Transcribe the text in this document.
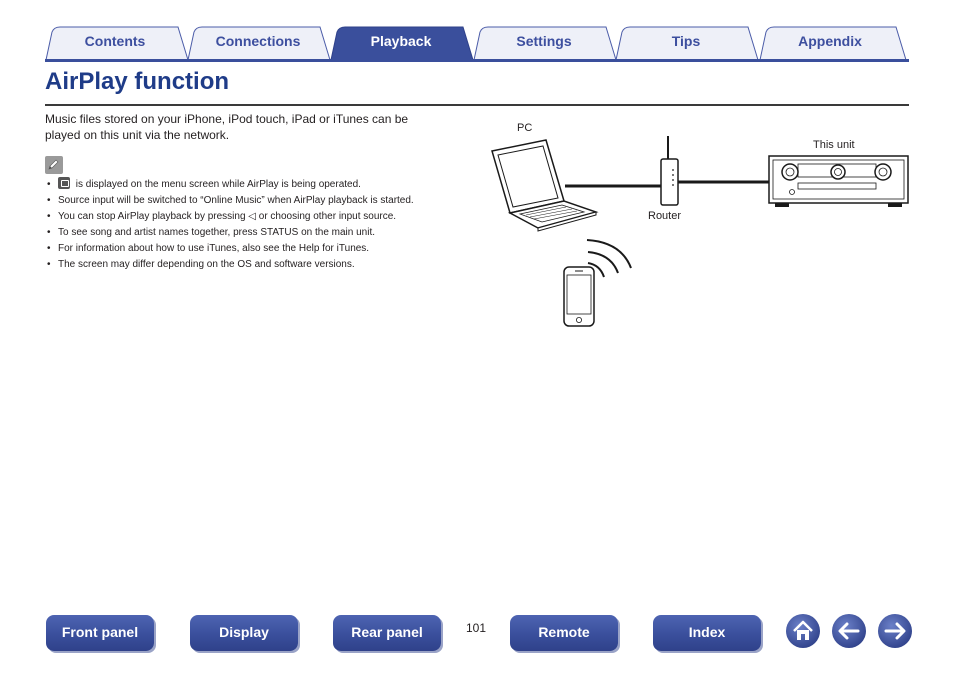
Contents	Connections	Playback	Settings	Tips	Appendix
AirPlay function
Music files stored on your iPhone, iPod touch, iPad or iTunes can be
played on this unit via the network.
• is displayed on the menu screen while AirPlay is being operated.
• Source input will be switched to “Online Music” when AirPlay playback is started.
• You can stop AirPlay playback by pressing ◁ or choosing other input source.
• To see song and artist names together, press STATUS on the main unit.
• For information about how to use iTunes, also see the Help for iTunes.
• The screen may differ depending on the OS and software versions.
PC
Router
This unit
Front panel	Display	Rear panel	101	Remote	Index
